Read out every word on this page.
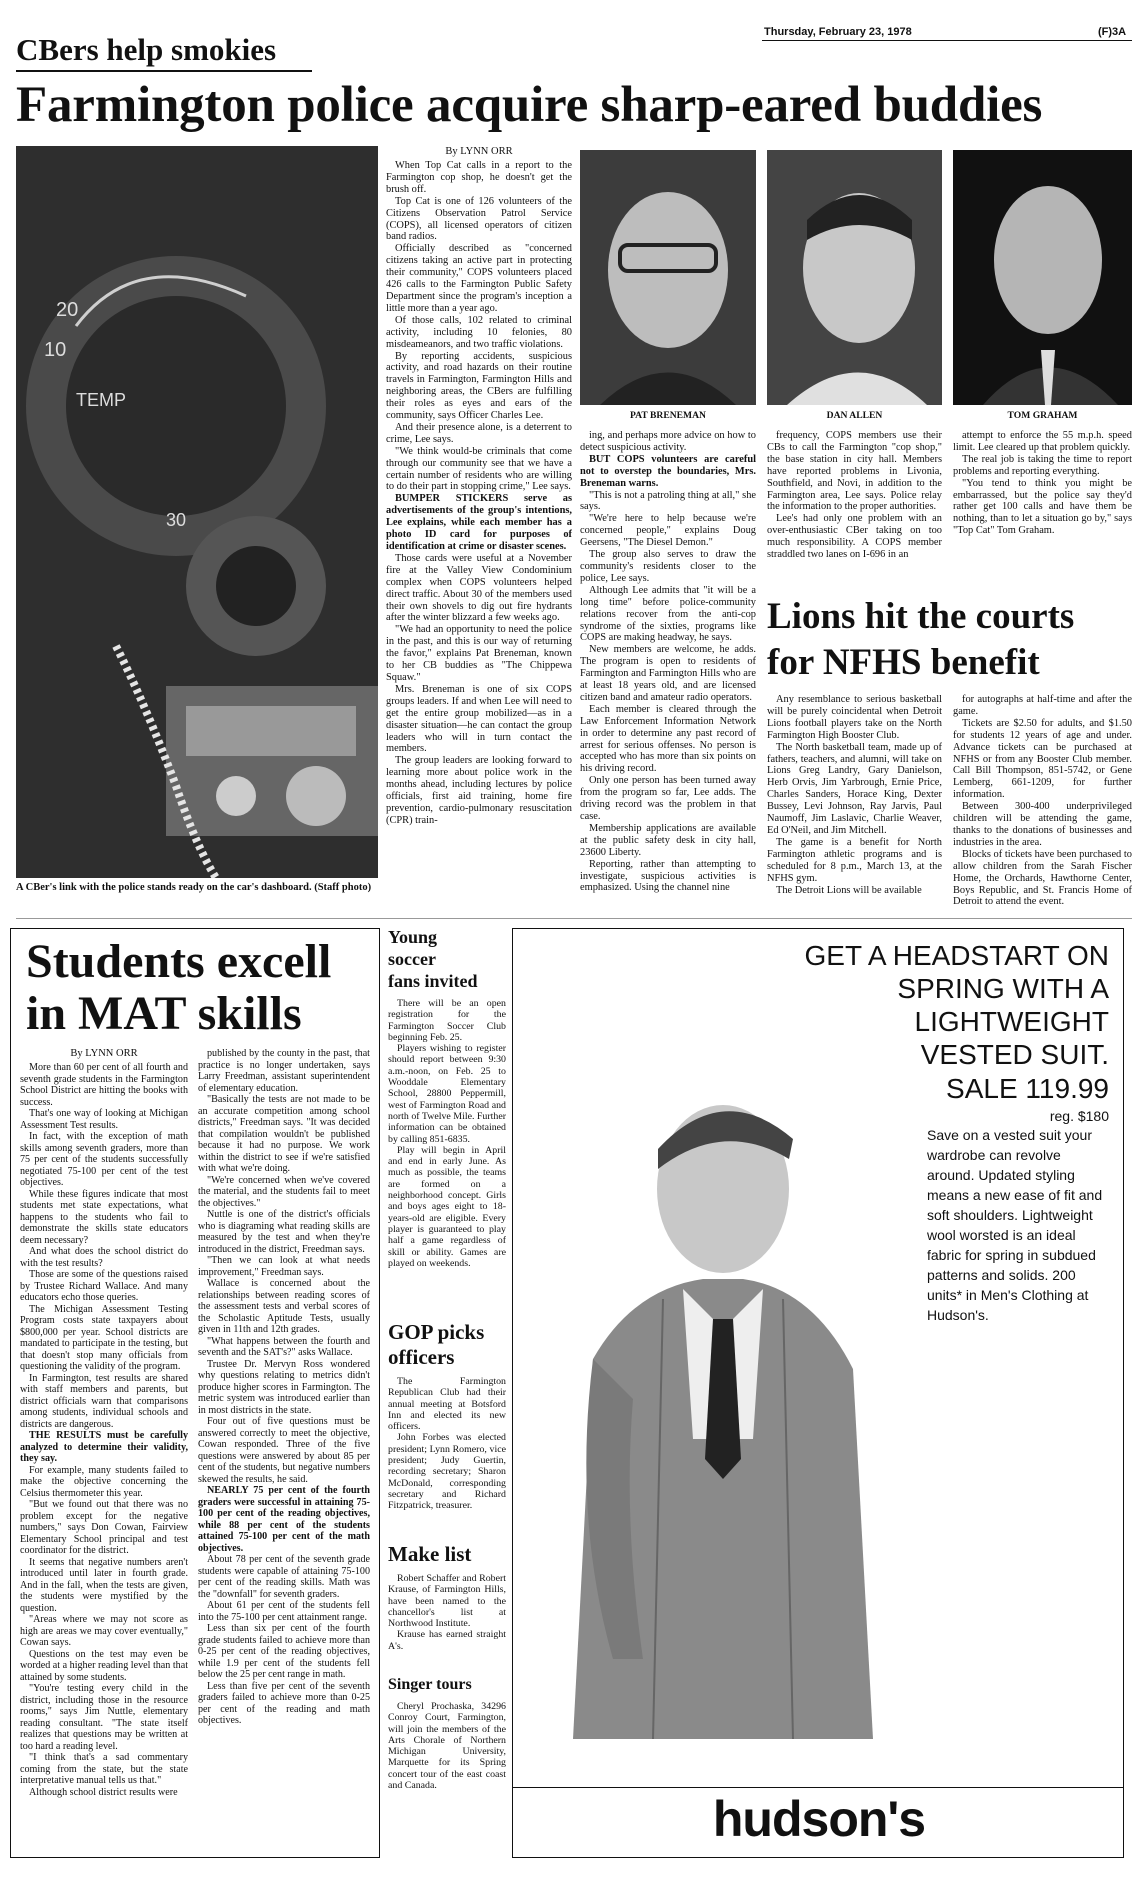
Thursday, February 23, 1978	(F)3A
CBers help smokies
Farmington police acquire sharp-eared buddies
20
10
TEMP
30
A CBer's link with the police stands ready on the car's dashboard. (Staff photo)
By LYNN ORR

When Top Cat calls in a report to the Farmington cop shop, he doesn't get the brush off.

Top Cat is one of 126 volunteers of the Citizens Observation Patrol Service (COPS), all licensed operators of citizen band radios.

Officially described as "concerned citizens taking an active part in protecting their community," COPS volunteers placed 426 calls to the Farmington Public Safety Department since the program's inception a little more than a year ago.

Of those calls, 102 related to criminal activity, including 10 felonies, 80 misdeameanors, and two traffic violations.

By reporting accidents, suspicious activity, and road hazards on their routine travels in Farmington, Farmington Hills and neighboring areas, the CBers are fulfilling their roles as eyes and ears of the community, says Officer Charles Lee.

And their presence alone, is a deterrent to crime, Lee says.

"We think would-be criminals that come through our community see that we have a certain number of residents who are willing to do their part in stopping crime," Lee says.

BUMPER STICKERS serve as advertisements of the group's intentions, Lee explains, while each member has a photo ID card for purposes of identification at crime or disaster scenes.

Those cards were useful at a November fire at the Valley View Condominium complex when COPS volunteers helped direct traffic. About 30 of the members used their own shovels to dig out fire hydrants after the winter blizzard a few weeks ago.

"We had an opportunity to need the police in the past, and this is our way of returning the favor," explains Pat Breneman, known to her CB buddies as "The Chippewa Squaw."

Mrs. Breneman is one of six COPS groups leaders. If and when Lee will need to get the entire group mobilized—as in a disaster situation—he can contact the group leaders who will in turn contact the members.

The group leaders are looking forward to learning more about police work in the months ahead, including lectures by police officials, first aid training, home fire prevention, cardio-pulmonary resuscitation (CPR) train-

PAT BRENEMAN	DAN ALLEN	TOM GRAHAM

ing, and perhaps more advice on how to detect suspicious activity.

BUT COPS volunteers are careful not to overstep the boundaries, Mrs. Breneman warns.

"This is not a patroling thing at all," she says.

"We're here to help because we're concerned people," explains Doug Geersens, "The Diesel Demon."

The group also serves to draw the community's residents closer to the police, Lee says.

Although Lee admits that "it will be a long time" before police-community relations recover from the anti-cop syndrome of the sixties, programs like COPS are making headway, he says.

New members are welcome, he adds. The program is open to residents of Farmington and Farmington Hills who are at least 18 years old, and are licensed citizen band and amateur radio operators.

Each member is cleared through the Law Enforcement Information Network in order to determine any past record of arrest for serious offenses. No person is accepted who has more than six points on his driving record.

Only one person has been turned away from the program so far, Lee adds. The driving record was the problem in that case.

Membership applications are available at the public safety desk in city hall, 23600 Liberty.

Reporting, rather than attempting to investigate, suspicious activities is emphasized. Using the channel nine

frequency, COPS members use their CBs to call the Farmington "cop shop," the base station in city hall. Members have reported problems in Livonia, Southfield, and Novi, in addition to the Farmington area, Lee says. Police relay the information to the proper authorities.

Lee's had only one problem with an over-enthusiastic CBer taking on too much responsibility. A COPS member straddled two lanes on I-696 in an

attempt to enforce the 55 m.p.h. speed limit. Lee cleared up that problem quickly.

The real job is taking the time to report problems and reporting everything.

"You tend to think you might be embarrassed, but the police say they'd rather get 100 calls and have them be nothing, than to let a situation go by," says "Top Cat" Tom Graham.

Lions hit the courts
for NFHS benefit

Any resemblance to serious basketball will be purely coincidental when Detroit Lions football players take on the North Farmington High Booster Club.

The North basketball team, made up of fathers, teachers, and alumni, will take on Lions Greg Landry, Gary Danielson, Herb Orvis, Jim Yarbrough, Ernie Price, Charles Sanders, Horace King, Dexter Bussey, Levi Johnson, Ray Jarvis, Paul Naumoff, Jim Laslavic, Charlie Weaver, Ed O'Neil, and Jim Mitchell.

The game is a benefit for North Farmington athletic programs and is scheduled for 8 p.m., March 13, at the NFHS gym.

The Detroit Lions will be available

for autographs at half-time and after the game.

Tickets are $2.50 for adults, and $1.50 for students 12 years of age and under. Advance tickets can be purchased at NFHS or from any Booster Club member. Call Bill Thompson, 851-5742, or Gene Lemberg, 661-1209, for further information.

Between 300-400 underprivileged children will be attending the game, thanks to the donations of businesses and industries in the area.

Blocks of tickets have been purchased to allow children from the Sarah Fischer Home, the Orchards, Hawthorne Center, Boys Republic, and St. Francis Home of Detroit to attend the event.

Students excell
in MAT skills
By LYNN ORR

More than 60 per cent of all fourth and seventh grade students in the Farmington School District are hitting the books with success.

That's one way of looking at Michigan Assessment Test results.

In fact, with the exception of math skills among seventh graders, more than 75 per cent of the students successfully negotiated 75-100 per cent of the test objectives.

While these figures indicate that most students met state expectations, what happens to the students who fail to demonstrate the skills state educators deem necessary?

And what does the school district do with the test results?

Those are some of the questions raised by Trustee Richard Wallace. And many educators echo those queries.

The Michigan Assessment Testing Program costs state taxpayers about $800,000 per year. School districts are mandated to participate in the testing, but that doesn't stop many officials from questioning the validity of the program.

In Farmington, test results are shared with staff members and parents, but district officials warn that comparisons among students, individual schools and districts are dangerous.

THE RESULTS must be carefully analyzed to determine their validity, they say.

For example, many students failed to make the objective concerning the Celsius thermometer this year.

"But we found out that there was no problem except for the negative numbers," says Don Cowan, Fairview Elementary School principal and test coordinator for the district.

It seems that negative numbers aren't introduced until later in fourth grade. And in the fall, when the tests are given, the students were mystified by the question.

"Areas where we may not score as high are areas we may cover eventually," Cowan says.

Questions on the test may even be worded at a higher reading level than that attained by some students.

"You're testing every child in the district, including those in the resource rooms," says Jim Nuttle, elementary reading consultant. "The state itself realizes that questions may be written at too hard a reading level.

"I think that's a sad commentary coming from the state, but the state interpretative manual tells us that."

Although school district results were

published by the county in the past, that practice is no longer undertaken, says Larry Freedman, assistant superintendent of elementary education.

"Basically the tests are not made to be an accurate competition among school districts," Freedman says. "It was decided that compilation wouldn't be published because it had no purpose. We work within the district to see if we're satisfied with what we're doing.

"We're concerned when we've covered the material, and the students fail to meet the objectives."

Nuttle is one of the district's officials who is diagraming what reading skills are measured by the test and when they're introduced in the district, Freedman says.

"Then we can look at what needs improvement," Freedman says.

Wallace is concerned about the relationships between reading scores of the assessment tests and verbal scores of the Scholastic Aptitude Tests, usually given in 11th and 12th grades.

"What happens between the fourth and seventh and the SAT's?" asks Wallace.

Trustee Dr. Mervyn Ross wondered why questions relating to metrics didn't produce higher scores in Farmington. The metric system was introduced earlier than in most districts in the state.

Four out of five questions must be answered correctly to meet the objective, Cowan responded. Three of the five questions were answered by about 85 per cent of the students, but negative numbers skewed the results, he said.

NEARLY 75 per cent of the fourth graders were successful in attaining 75-100 per cent of the reading objectives, while 88 per cent of the students attained 75-100 per cent of the math objectives.

About 78 per cent of the seventh grade students were capable of attaining 75-100 per cent of the reading skills. Math was the "downfall" for seventh graders.

About 61 per cent of the students fell into the 75-100 per cent attainment range.

Less than six per cent of the fourth grade students failed to achieve more than 0-25 per cent of the reading objectives, while 1.9 per cent of the students fell below the 25 per cent range in math.

Less than five per cent of the seventh graders failed to achieve more than 0-25 per cent of the reading and math objectives.

Young
soccer
fans invited

There will be an open registration for the Farmington Soccer Club beginning Feb. 25.

Players wishing to register should report between 9:30 a.m.-noon, on Feb. 25 to Wooddale Elementary School, 28800 Peppermill, west of Farmington Road and north of Twelve Mile. Further information can be obtained by calling 851-6835.

Play will begin in April and end in early June. As much as possible, the teams are formed on a neighborhood concept. Girls and boys ages eight to 18-years-old are eligible. Every player is guaranteed to play half a game regardless of skill or ability. Games are played on weekends.

GOP picks
officers

The Farmington Republican Club had their annual meeting at Botsford Inn and elected its new officers.

John Forbes was elected president; Lynn Romero, vice president; Judy Guertin, recording secretary; Sharon McDonald, corresponding secretary and Richard Fitzpatrick, treasurer.

Make list

Robert Schaffer and Robert Krause, of Farmington Hills, have been named to the chancellor's list at Northwood Institute.

Krause has earned straight A's.

Singer tours

Cheryl Prochaska, 34296 Conroy Court, Farmington, will join the members of the Arts Chorale of Northern Michigan University, Marquette for its Spring concert tour of the east coast and Canada.

GET A HEADSTART ON
SPRING WITH A
LIGHTWEIGHT
VESTED SUIT.
SALE 119.99
reg. $180
Save on a vested suit your wardrobe can revolve around. Updated styling means a new ease of fit and soft shoulders. Lightweight wool worsted is an ideal fabric for spring in subdued patterns and solids. 200 units* in Men's Clothing at Hudson's.
hudson's
